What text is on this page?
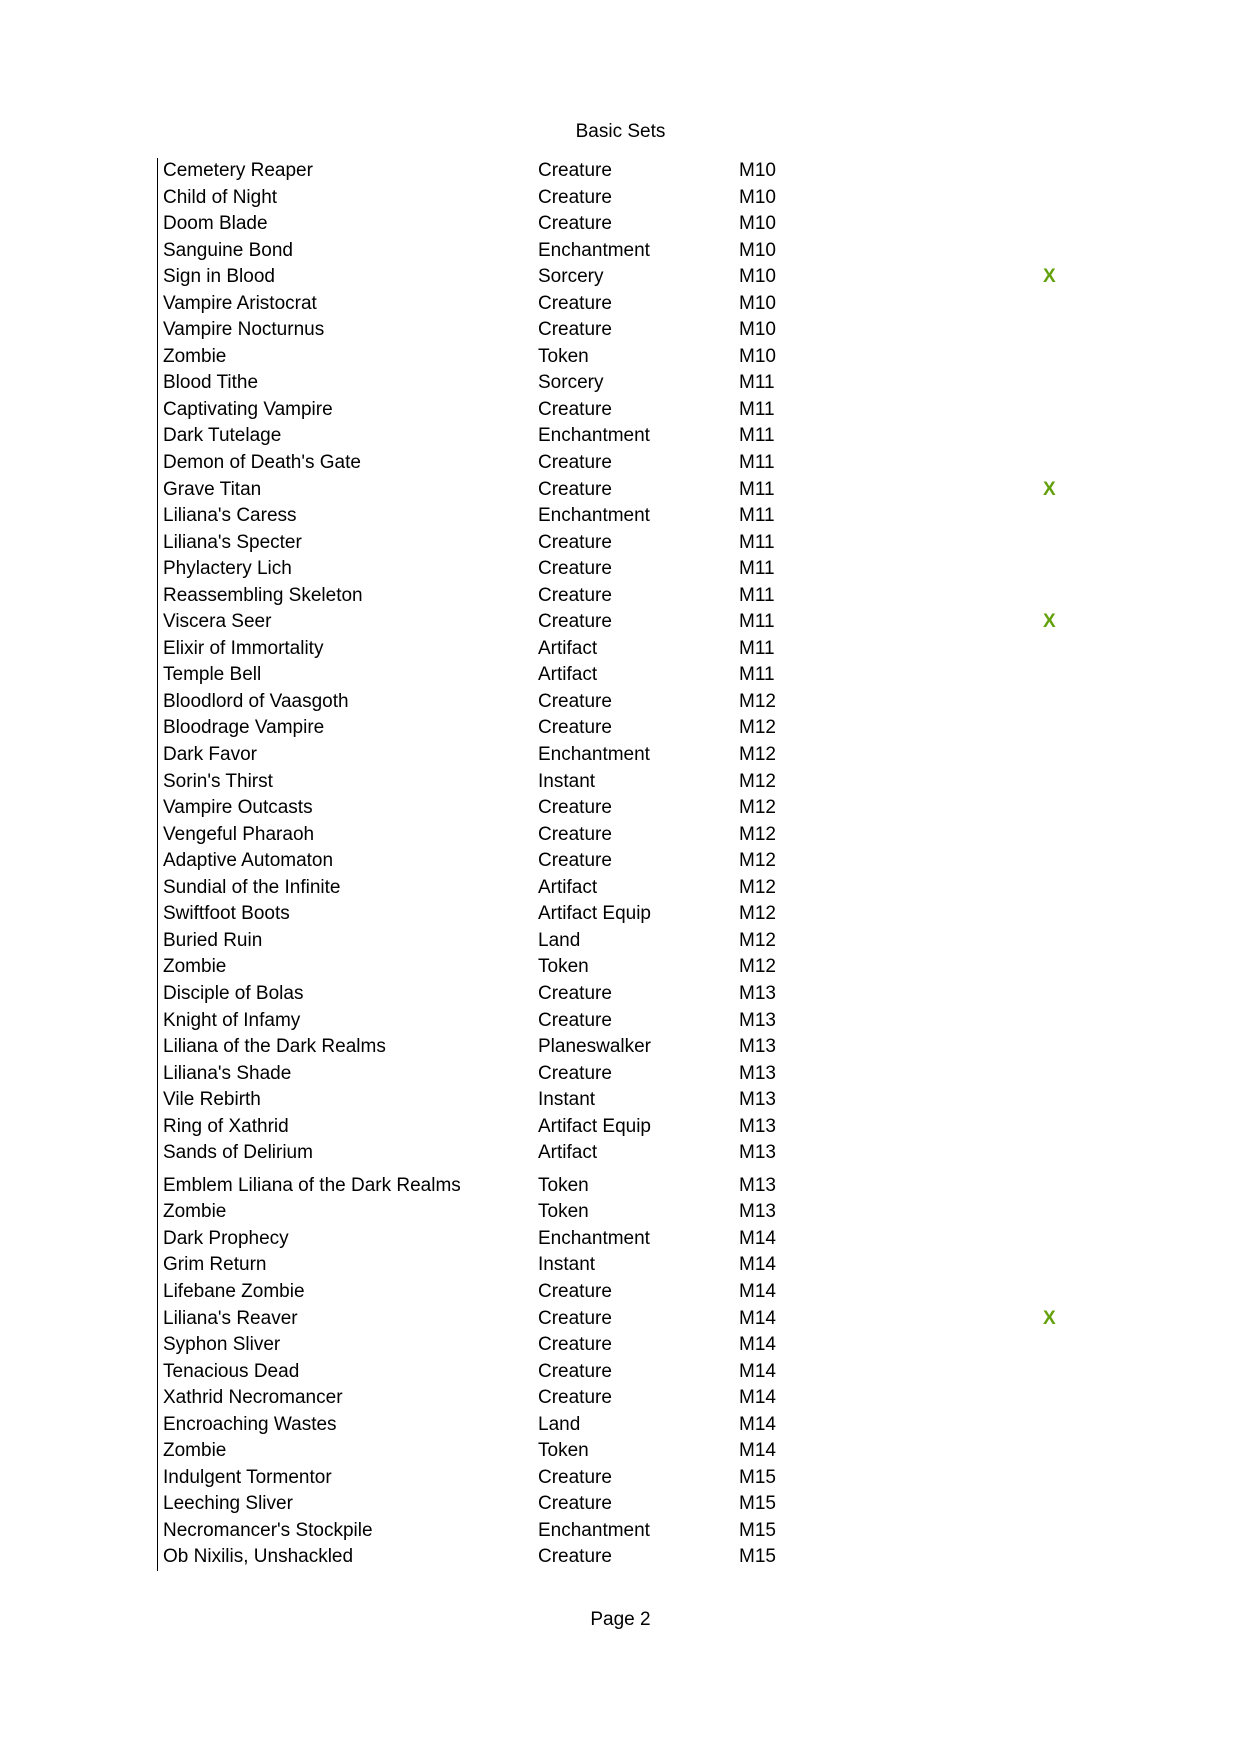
Basic Sets
Cemetery Reaper	Creature	M10
Child of Night	Creature	M10
Doom Blade	Creature	M10
Sanguine Bond	Enchantment	M10
Sign in Blood	Sorcery	M10	X
Vampire Aristocrat	Creature	M10
Vampire Nocturnus	Creature	M10
Zombie	Token	M10
Blood Tithe	Sorcery	M11
Captivating Vampire	Creature	M11
Dark Tutelage	Enchantment	M11
Demon of Death's Gate	Creature	M11
Grave Titan	Creature	M11	X
Liliana's Caress	Enchantment	M11
Liliana's Specter	Creature	M11
Phylactery Lich	Creature	M11
Reassembling Skeleton	Creature	M11
Viscera Seer	Creature	M11	X
Elixir of Immortality	Artifact	M11
Temple Bell	Artifact	M11
Bloodlord of Vaasgoth	Creature	M12
Bloodrage Vampire	Creature	M12
Dark Favor	Enchantment	M12
Sorin's Thirst	Instant	M12
Vampire Outcasts	Creature	M12
Vengeful Pharaoh	Creature	M12
Adaptive Automaton	Creature	M12
Sundial of the Infinite	Artifact	M12
Swiftfoot Boots	Artifact Equip	M12
Buried Ruin	Land	M12
Zombie	Token	M12
Disciple of Bolas	Creature	M13
Knight of Infamy	Creature	M13
Liliana of the Dark Realms	Planeswalker	M13
Liliana's Shade	Creature	M13
Vile Rebirth	Instant	M13
Ring of Xathrid	Artifact Equip	M13
Sands of Delirium	Artifact	M13
Emblem Liliana of the Dark Realms	Token	M13
Zombie	Token	M13
Dark Prophecy	Enchantment	M14
Grim Return	Instant	M14
Lifebane Zombie	Creature	M14
Liliana's Reaver	Creature	M14	X
Syphon Sliver	Creature	M14
Tenacious Dead	Creature	M14
Xathrid Necromancer	Creature	M14
Encroaching Wastes	Land	M14
Zombie	Token	M14
Indulgent Tormentor	Creature	M15
Leeching Sliver	Creature	M15
Necromancer's Stockpile	Enchantment	M15
Ob Nixilis, Unshackled	Creature	M15
Page 2
